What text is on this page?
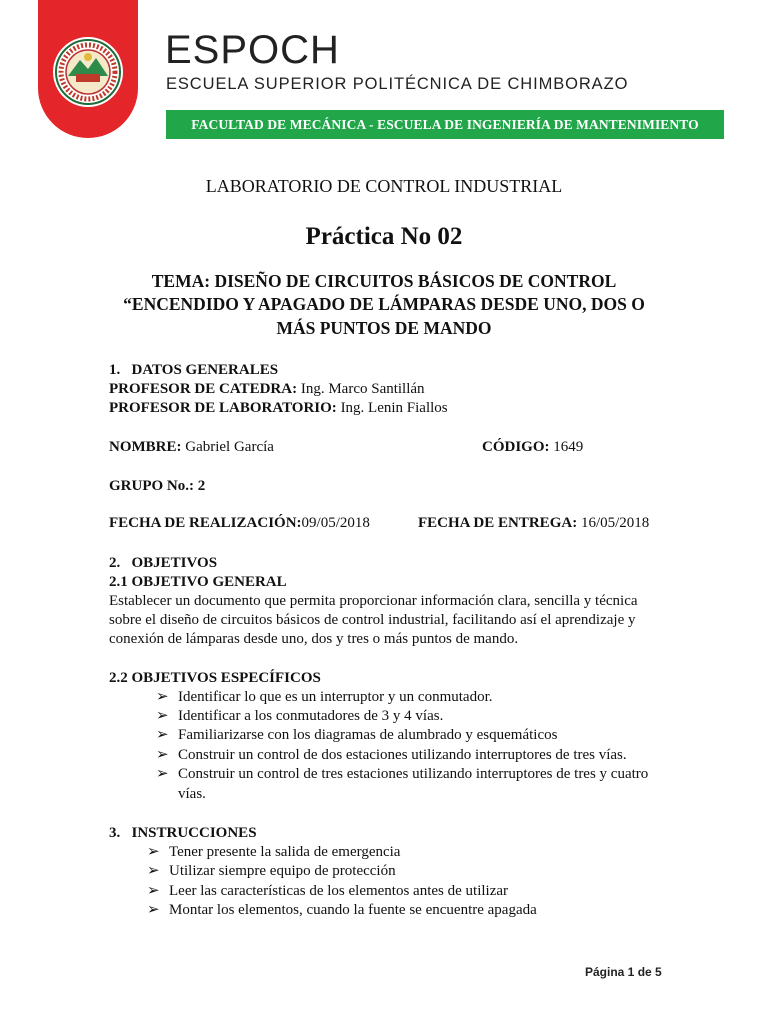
ESPOCH
ESCUELA SUPERIOR POLITÉCNICA DE CHIMBORAZO
FACULTAD DE MECÁNICA - ESCUELA DE INGENIERÍA DE MANTENIMIENTO
LABORATORIO DE CONTROL INDUSTRIAL
Práctica No 02
TEMA: DISEÑO DE CIRCUITOS BÁSICOS DE CONTROL
“ENCENDIDO Y APAGADO DE LÁMPARAS DESDE UNO, DOS O
MÁS PUNTOS DE MANDO
1.   DATOS GENERALES
PROFESOR DE CATEDRA: Ing. Marco Santillán
PROFESOR DE LABORATORIO: Ing. Lenin Fiallos
NOMBRE: Gabriel García	CÓDIGO: 1649
GRUPO No.: 2
FECHA DE REALIZACIÓN:09/05/2018	FECHA DE ENTREGA: 16/05/2018
2.   OBJETIVOS
2.1 OBJETIVO GENERAL
Establecer un documento que permita proporcionar información clara, sencilla y técnica
sobre el diseño de circuitos básicos de control industrial, facilitando así el aprendizaje y
conexión de lámparas desde uno, dos y tres o más puntos de mando.
2.2 OBJETIVOS ESPECÍFICOS
➢ Identificar lo que es un interruptor y un conmutador.
➢ Identificar a los conmutadores de 3 y 4 vías.
➢ Familiarizarse con los diagramas de alumbrado y esquemáticos
➢ Construir un control de dos estaciones utilizando interruptores de tres vías.
➢ Construir un control de tres estaciones utilizando interruptores de tres y cuatro
vías.
3.   INSTRUCCIONES
➢ Tener presente la salida de emergencia
➢ Utilizar siempre equipo de protección
➢ Leer las características de los elementos antes de utilizar
➢ Montar los elementos, cuando la fuente se encuentre apagada
Página 1 de 5
